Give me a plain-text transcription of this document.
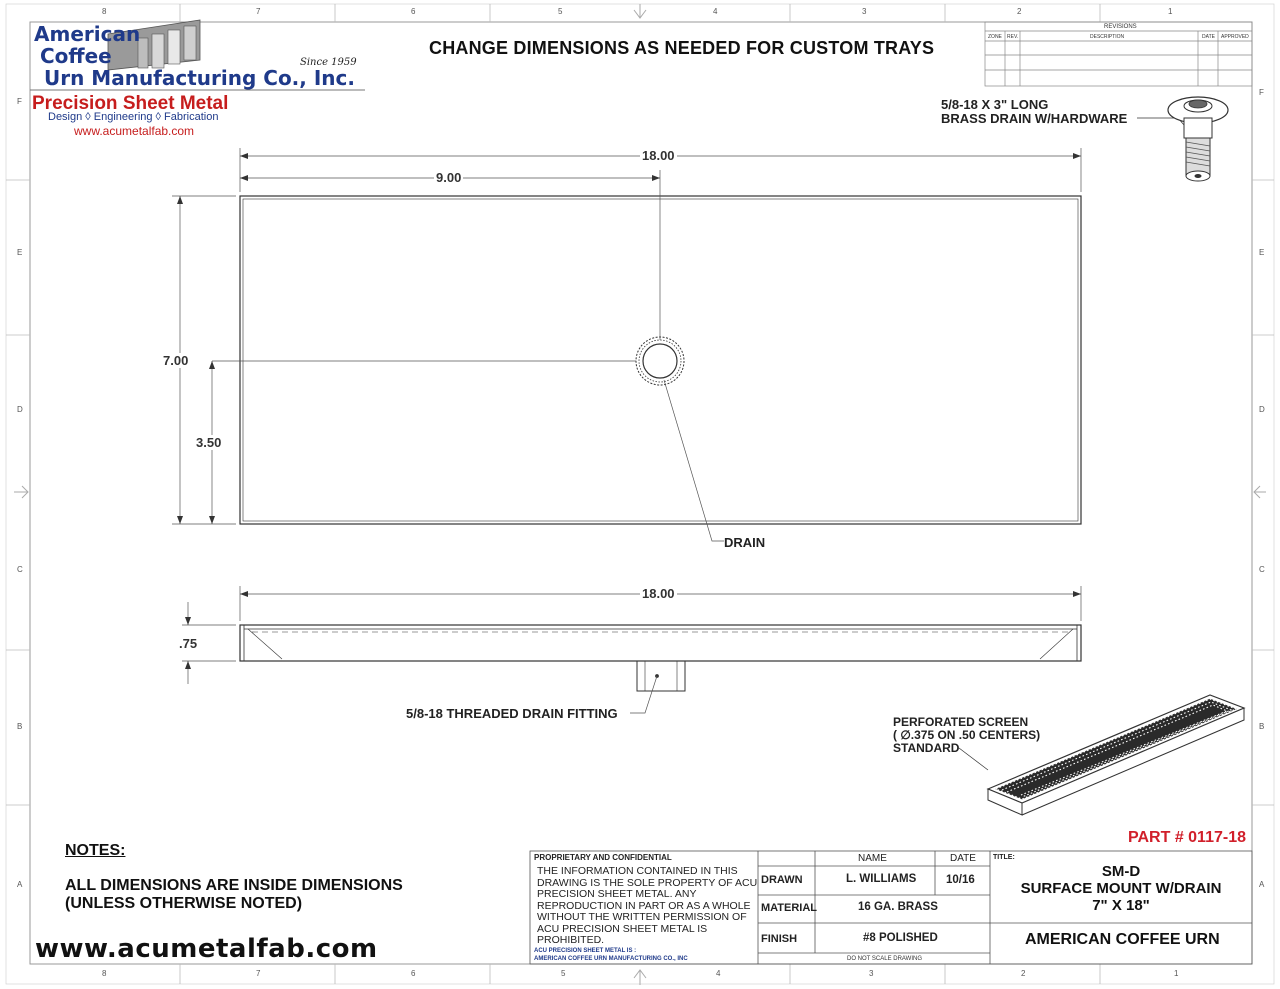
American
Coffee
Urn Manufacturing Co., Inc.
Since 1959
Precision Sheet Metal
Design ◊ Engineering ◊ Fabrication
www.acumetalfab.com
CHANGE DIMENSIONS AS NEEDED FOR CUSTOM TRAYS
REVISIONS
ZONE REV.	DESCRIPTION	DATE APPROVED
8	7	6	5	4	3	2	1
8	7	6	5	4	3	2	1
F
E
D
C
B
A
F
E
D
C
B
A
18.00
9.00
7.00
3.50
18.00
.75
5/8-18 X 3" LONG
BRASS DRAIN W/HARDWARE
DRAIN
5/8-18 THREADED DRAIN FITTING
PERFORATED SCREEN
( ∅.375 ON .50 CENTERS)
STANDARD
PART # 0117-18
NOTES:
ALL DIMENSIONS ARE INSIDE DIMENSIONS
(UNLESS OTHERWISE NOTED)
www.acumetalfab.com
PROPRIETARY AND CONFIDENTIAL
THE INFORMATION CONTAINED IN THIS DRAWING IS THE SOLE PROPERTY OF ACU PRECISION SHEET METAL. ANY REPRODUCTION IN PART OR AS A WHOLE WITHOUT THE WRITTEN PERMISSION OF ACU PRECISION SHEET METAL IS PROHIBITED.
ACU PRECISION SHEET METAL IS :
AMERICAN COFFEE URN MANUFACTURING CO., INC
NAME	DATE
DRAWN	L. WILLIAMS	10/16
MATERIAL	16 GA. BRASS
FINISH	#8 POLISHED
DO NOT SCALE DRAWING
TITLE:
SM-D
SURFACE MOUNT W/DRAIN
7" X 18"
AMERICAN COFFEE URN
